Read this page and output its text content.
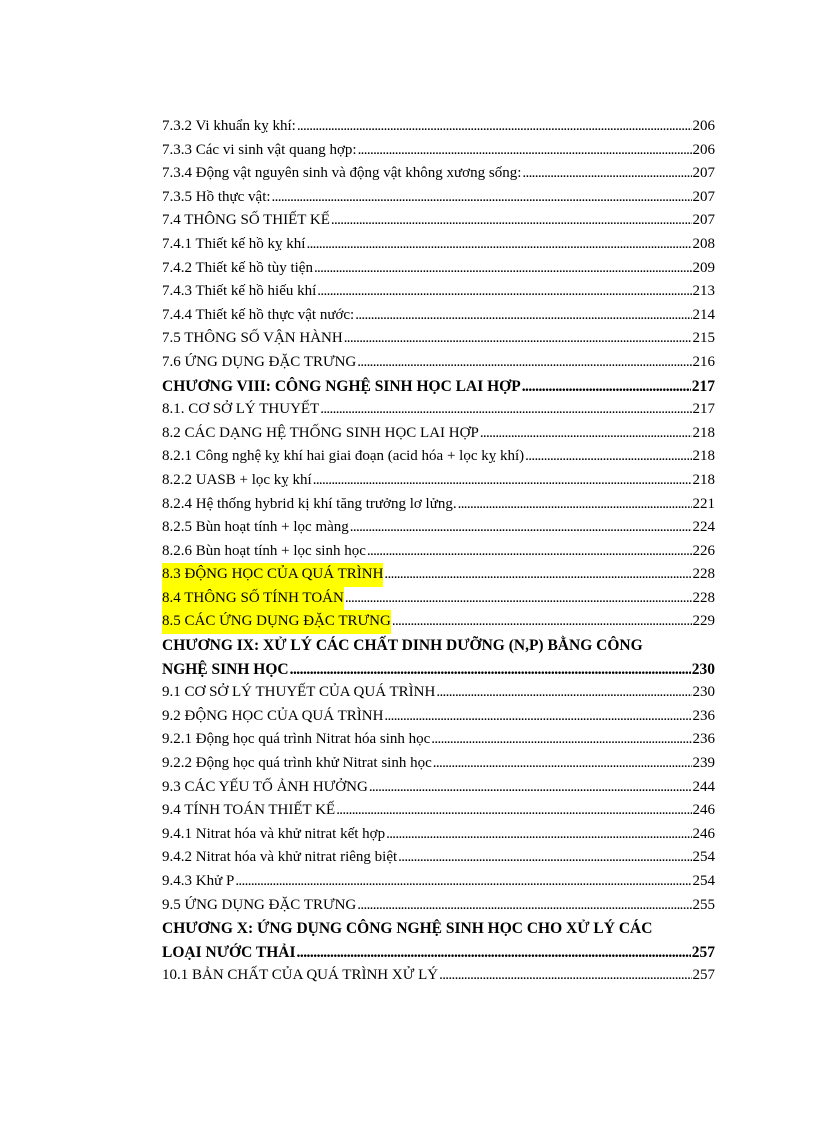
7.3.2 Vi khuẩn kỵ khí: . . .	206
7.3.3 Các vi sinh vật quang hợp: . . .	206
7.3.4 Động vật nguyên sinh và động vật không xương sống: . . .	207
7.3.5 Hồ thực vật: . . .	207
7.4 THÔNG SỐ THIẾT KẾ . . .	207
7.4.1 Thiết kế hồ kỵ khí . . .	208
7.4.2 Thiết kế hồ tùy tiện . . .	209
7.4.3 Thiết kế hồ hiếu khí . . .	213
7.4.4 Thiết kế hồ thực vật nước: . . .	214
7.5 THÔNG SỐ VẬN HÀNH . . .	215
7.6 ỨNG DỤNG ĐẶC TRƯNG . . .	216
CHƯƠNG VIII: CÔNG NGHỆ SINH HỌC LAI HỢP . . .	217
8.1. CƠ SỞ LÝ THUYẾT . . .	217
8.2 CÁC DẠNG HỆ THỐNG SINH HỌC LAI HỢP . . .	218
8.2.1 Công nghệ kỵ khí hai giai đoạn (acid hóa + lọc kỵ khí) . . .	218
8.2.2 UASB + lọc kỵ khí . . .	218
8.2.4 Hệ thống hybrid kị khí tăng trưởng lơ lửng. . . .	221
8.2.5 Bùn hoạt tính + lọc màng . . .	224
8.2.6 Bùn hoạt tính + lọc sinh học . . .	226
8.3 ĐỘNG HỌC CỦA QUÁ TRÌNH . . .	228
8.4 THÔNG SỐ TÍNH TOÁN . . .	228
8.5 CÁC ỨNG DỤNG ĐẶC TRƯNG . . .	229
CHƯƠNG IX: XỬ LÝ CÁC CHẤT DINH DƯỠNG (N,P) BẰNG CÔNG
NGHỆ SINH HỌC . . .	230
9.1 CƠ SỞ LÝ THUYẾT CỦA QUÁ TRÌNH . . .	230
9.2 ĐỘNG HỌC CỦA QUÁ TRÌNH . . .	236
9.2.1 Động học quá trình Nitrat hóa sinh học . . .	236
9.2.2 Động học quá trình khử Nitrat sinh học . . .	239
9.3 CÁC YẾU TỐ ẢNH HƯỞNG . . .	244
9.4 TÍNH TOÁN THIẾT KẾ . . .	246
9.4.1 Nitrat hóa và khử nitrat kết hợp . . .	246
9.4.2 Nitrat hóa và khử nitrat riêng biệt . . .	254
9.4.3 Khử P . . .	254
9.5 ỨNG DỤNG ĐẶC TRƯNG . . .	255
CHƯƠNG X: ỨNG DỤNG CÔNG NGHỆ SINH HỌC CHO XỬ LÝ CÁC
LOẠI NƯỚC THẢI . . .	257
10.1 BẢN CHẤT CỦA QUÁ TRÌNH XỬ LÝ . . .	257
